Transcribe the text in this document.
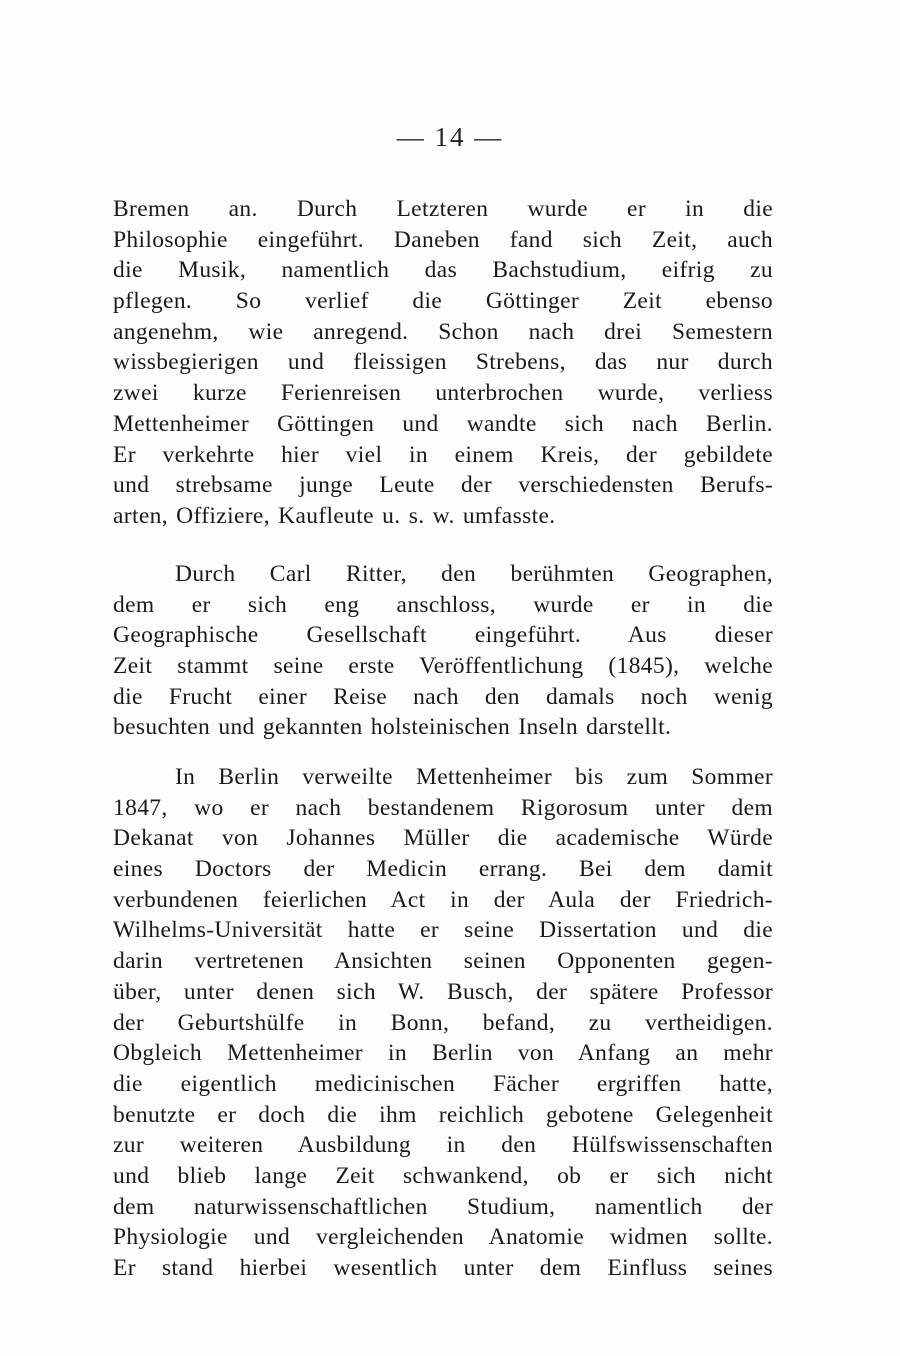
— 14 —
Bremen an. Durch Letzteren wurde er in die
Philosophie eingeführt. Daneben fand sich Zeit, auch
die Musik, namentlich das Bachstudium, eifrig zu
pflegen. So verlief die Göttinger Zeit ebenso
angenehm, wie anregend. Schon nach drei Semestern
wissbegierigen und fleissigen Strebens, das nur durch
zwei kurze Ferienreisen unterbrochen wurde, verliess
Mettenheimer Göttingen und wandte sich nach Berlin.
Er verkehrte hier viel in einem Kreis, der gebildete
und strebsame junge Leute der verschiedensten Berufs-
arten, Offiziere, Kaufleute u. s. w. umfasste.
Durch Carl Ritter, den berühmten Geographen,
dem er sich eng anschloss, wurde er in die
Geographische Gesellschaft eingeführt. Aus dieser
Zeit stammt seine erste Veröffentlichung (1845), welche
die Frucht einer Reise nach den damals noch wenig
besuchten und gekannten holsteinischen Inseln darstellt.
In Berlin verweilte Mettenheimer bis zum Sommer
1847, wo er nach bestandenem Rigorosum unter dem
Dekanat von Johannes Müller die academische Würde
eines Doctors der Medicin errang. Bei dem damit
verbundenen feierlichen Act in der Aula der Friedrich-
Wilhelms-Universität hatte er seine Dissertation und die
darin vertretenen Ansichten seinen Opponenten gegen-
über, unter denen sich W. Busch, der spätere Professor
der Geburtshülfe in Bonn, befand, zu vertheidigen.
Obgleich Mettenheimer in Berlin von Anfang an mehr
die eigentlich medicinischen Fächer ergriffen hatte,
benutzte er doch die ihm reichlich gebotene Gelegenheit
zur weiteren Ausbildung in den Hülfswissenschaften
und blieb lange Zeit schwankend, ob er sich nicht
dem naturwissenschaftlichen Studium, namentlich der
Physiologie und vergleichenden Anatomie widmen sollte.
Er stand hierbei wesentlich unter dem Einfluss seines
